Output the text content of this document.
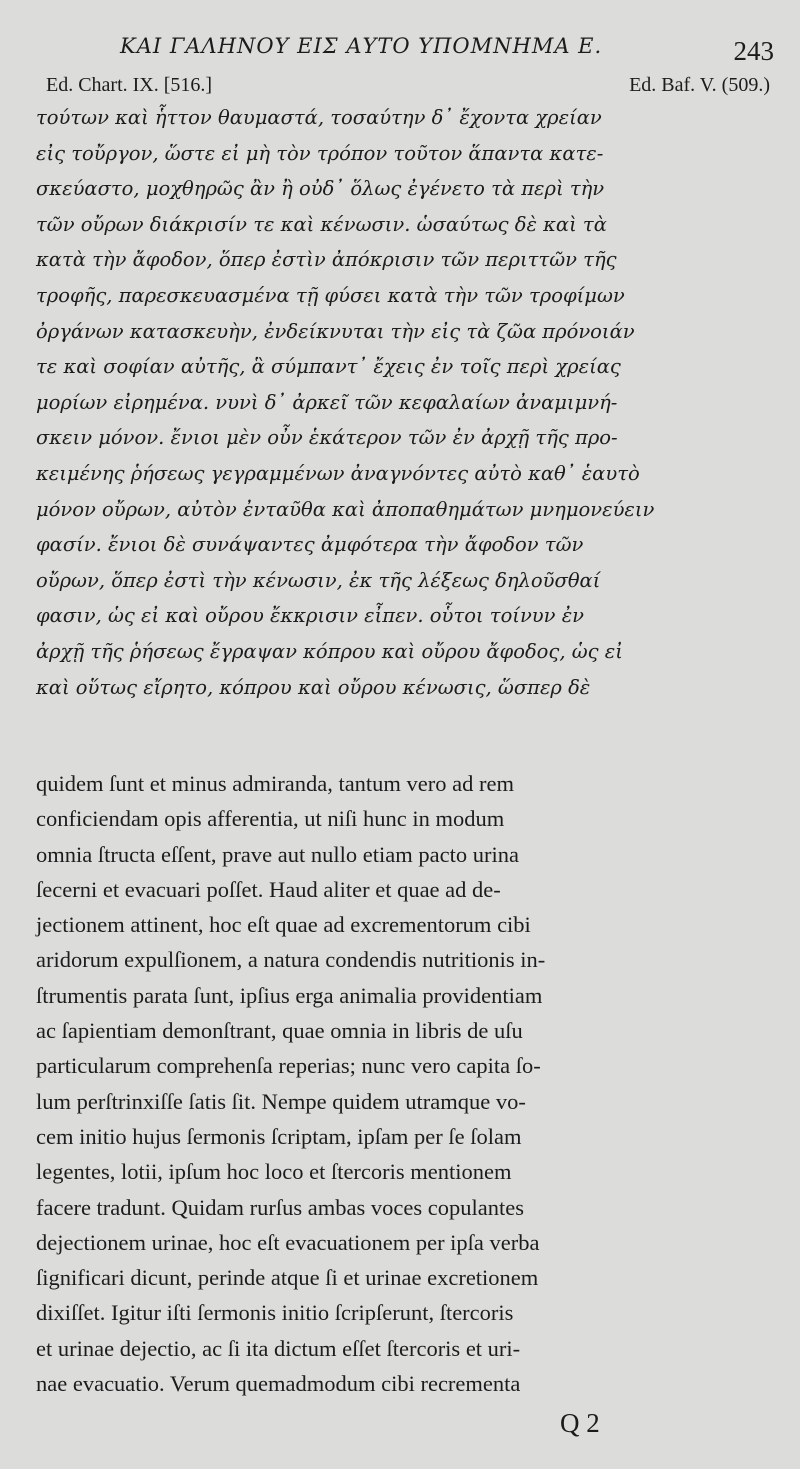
ΚΑΙ ΓΑΛΗΝΟΥ ΕΙΣ ΑΥΤΟ ΥΠΟΜΝΗΜΑ Ε.	243
Ed. Chart. IX. [516.]	Ed. Baf. V. (509.)
τούτων καὶ ἧττον θαυμαστά, τοσαύτην δ᾽ ἔχοντα χρείαν
εἰς τοὔργον, ὥστε εἰ μὴ τὸν τρόπον τοῦτον ἅπαντα κατε-
σκεύαστο, μοχθηρῶς ἂν ἢ οὐδ᾽ ὅλως ἐγένετο τὰ περὶ τὴν
τῶν οὔρων διάκρισίν τε καὶ κένωσιν. ὡσαύτως δὲ καὶ τὰ
κατὰ τὴν ἄφοδον, ὅπερ ἐστὶν ἀπόκρισιν τῶν περιττῶν τῆς
τροφῆς, παρεσκευασμένα τῇ φύσει κατὰ τὴν τῶν τροφίμων
ὀργάνων κατασκευὴν, ἐνδείκνυται τὴν εἰς τὰ ζῶα πρόνοιάν
τε καὶ σοφίαν αὐτῆς, ἃ σύμπαντ᾽ ἔχεις ἐν τοῖς περὶ χρείας
μορίων εἰρημένα. νυνὶ δ᾽ ἀρκεῖ τῶν κεφαλαίων ἀναμιμνή-
σκειν μόνον. ἔνιοι μὲν οὖν ἑκάτερον τῶν ἐν ἀρχῇ τῆς προ-
κειμένης ῥήσεως γεγραμμένων ἀναγνόντες αὐτὸ καθ᾽ ἑαυτὸ
μόνον οὔρων, αὐτὸν ἐνταῦθα καὶ ἀποπαθημάτων μνημονεύειν
φασίν. ἔνιοι δὲ συνάψαντες ἀμφότερα τὴν ἄφοδον τῶν
οὔρων, ὅπερ ἐστὶ τὴν κένωσιν, ἐκ τῆς λέξεως δηλοῦσθαί
φασιν, ὡς εἰ καὶ οὔρου ἔκκρισιν εἶπεν. οὗτοι τοίνυν ἐν
ἀρχῇ τῆς ῥήσεως ἔγραψαν κόπρου καὶ οὔρου ἄφοδος, ὡς εἰ
καὶ οὕτως εἴρητο, κόπρου καὶ οὔρου κένωσις, ὥσπερ δὲ
quidem ſunt et minus admiranda, tantum vero ad rem
conficiendam opis afferentia, ut niſi hunc in modum
omnia ſtructa eſſent, prave aut nullo etiam pacto urina
ſecerni et evacuari poſſet. Haud aliter et quae ad de-
jectionem attinent, hoc eſt quae ad excrementorum cibi
aridorum expulſionem, a natura condendis nutritionis in-
ſtrumentis parata ſunt, ipſius erga animalia providentiam
ac ſapientiam demonſtrant, quae omnia in libris de uſu
particularum comprehenſa reperias; nunc vero capita ſo-
lum perſtrinxiſſe ſatis ſit. Nempe quidem utramque vo-
cem initio hujus ſermonis ſcriptam, ipſam per ſe ſolam
legentes, lotii, ipſum hoc loco et ſtercoris mentionem
facere tradunt. Quidam rurſus ambas voces copulantes
dejectionem urinae, hoc eſt evacuationem per ipſa verba
ſignificari dicunt, perinde atque ſi et urinae excretionem
dixiſſet. Igitur iſti ſermonis initio ſcripſerunt, ſtercoris
et urinae dejectio, ac ſi ita dictum eſſet ſtercoris et uri-
nae evacuatio. Verum quemadmodum cibi recrementa
Q 2
